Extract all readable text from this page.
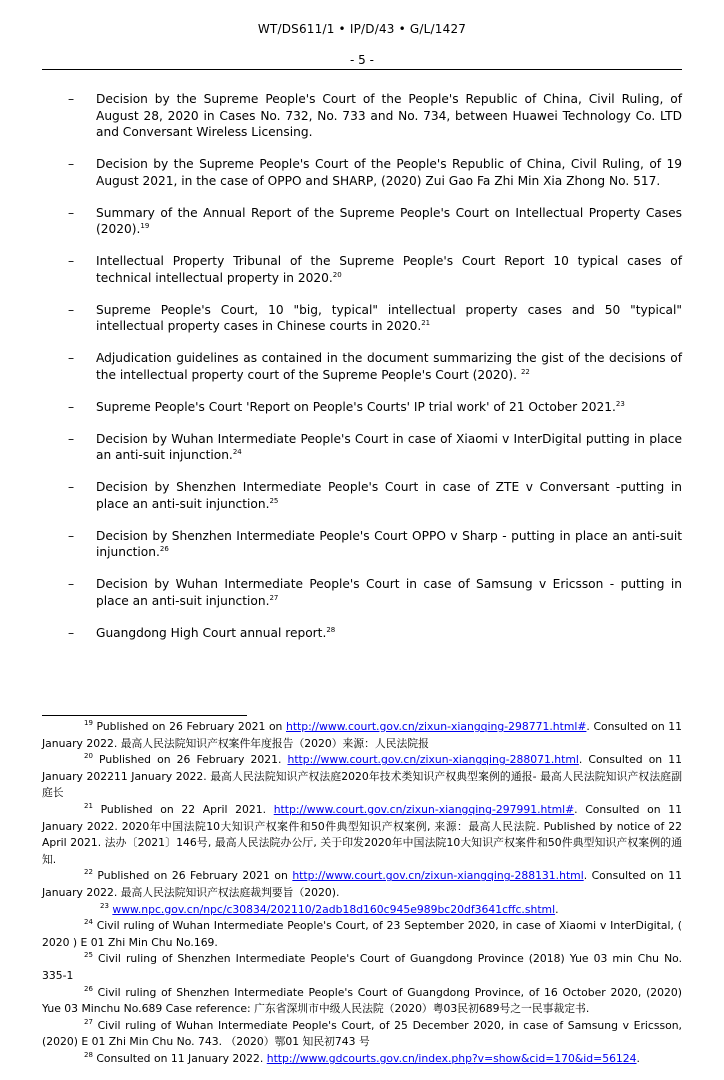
WT/DS611/1 • IP/D/43 • G/L/1427
- 5 -
– Decision by the Supreme People's Court of the People's Republic of China, Civil Ruling, of August 28, 2020 in Cases No. 732, No. 733 and No. 734, between Huawei Technology Co. LTD and Conversant Wireless Licensing.
– Decision by the Supreme People's Court of the People's Republic of China, Civil Ruling, of 19 August 2021, in the case of OPPO and SHARP, (2020) Zui Gao Fa Zhi Min Xia Zhong No. 517.
– Summary of the Annual Report of the Supreme People's Court on Intellectual Property Cases (2020).$^{19}$
– Intellectual Property Tribunal of the Supreme People's Court Report 10 typical cases of technical intellectual property in 2020.20
– Supreme People's Court, 10 "big, typical" intellectual property cases and 50 "typical" intellectual property cases in Chinese courts in 2020.21
– Adjudication guidelines as contained in the document summarizing the gist of the decisions of the intellectual property court of the Supreme People's Court (2020). $^{22}$
– Supreme People's Court 'Report on People's Courts' IP trial work' of 21 October 2021.23
– Decision by Wuhan Intermediate People's Court in case of Xiaomi v InterDigital putting in place an anti-suit injunction.$^{24}$
– Decision by Shenzhen Intermediate People's Court in case of ZTE v Conversant -putting in place an anti-suit injunction.$^{25}$
– Decision by Shenzhen Intermediate People's Court OPPO v Sharp - putting in place an anti-suit injunction.$^{26}$
– Decision by Wuhan Intermediate People's Court in case of Samsung v Ericsson - putting in place an anti-suit injunction.$^{27}$
– Guangdong High Court annual report.$^{28}$
$^{19}$ Published on 26 February 2021 on http://www.court.gov.cn/zixun-xiangqing-298771.html#. Consulted on 11 January 2022. 最高人民法院知识产权案件年度报告（2020）来源：人民法院报
$^{20}$ Published on 26 February 2021. http://www.court.gov.cn/zixun-xiangqing-288071.html. Consulted on 11 January 202211 January 2022. 最高人民法院知识产权法庭2020年技术类知识产权典型案例的通报- 最高人民法院知识产权法庭副庭长
$^{21}$ Published on 22 April 2021. http://www.court.gov.cn/zixun-xiangqing-297991.html#. Consulted on 11 January 2022. 2020年中国法院10大知识产权案件和50件典型知识产权案例, 来源：最高人民法院. Published by notice of 22 April 2021. 法办〔2021〕146号, 最高人民法院办公厅, 关于印发2020年中国法院10大知识产权案件和50件典型知识产权案例的通知.
$^{22}$ Published on 26 February 2021 on http://www.court.gov.cn/zixun-xiangqing-288131.html. Consulted on 11 January 2022. 最高人民法院知识产权法庭裁判要旨（2020).
$^{23}$ www.npc.gov.cn/npc/c30834/202110/2adb18d160c945e989bc20df3641cffc.shtml.
$^{24}$ Civil ruling of Wuhan Intermediate People's Court, of 23 September 2020, in case of Xiaomi v InterDigital, ( 2020 ) E 01 Zhi Min Chu No.169.
$^{25}$ Civil ruling of Shenzhen Intermediate People's Court of Guangdong Province (2018) Yue 03 min Chu No. 335-1
$^{26}$ Civil ruling of Shenzhen Intermediate People's Court of Guangdong Province, of 16 October 2020, (2020) Yue 03 Minchu No.689 Case reference: 广东省深圳市中级人民法院（2020）粤03民初689号之一民事裁定书.
$^{27}$ Civil ruling of Wuhan Intermediate People's Court, of 25 December 2020, in case of Samsung v Ericsson, (2020) E 01 Zhi Min Chu No. 743. （2020）鄂01 知民初743 号
$^{28}$ Consulted on 11 January 2022. http://www.gdcourts.gov.cn/index.php?v=show&cid=170&id=56124.
